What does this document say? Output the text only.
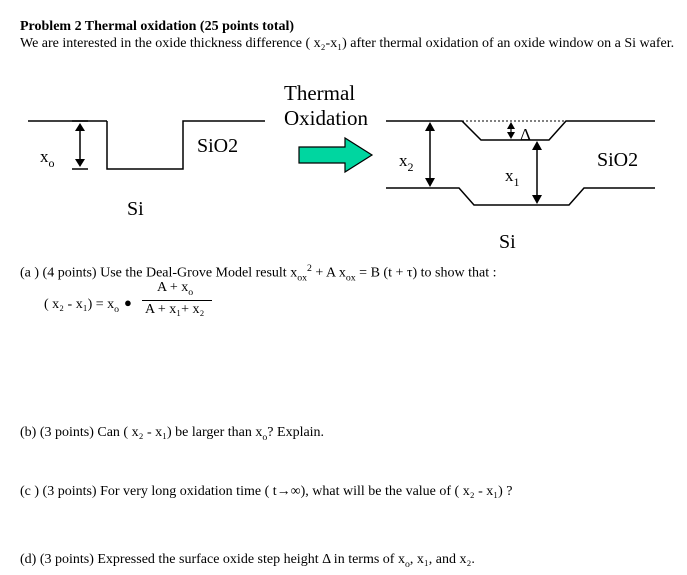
Problem 2 Thermal oxidation (25 points total)
We are interested in the oxide thickness difference ( x₂-x₁) after thermal oxidation of an oxide window on a Si wafer.
$x_o$
SiO2
Si
Thermal
Oxidation
Δ
$x_2$	$x_1$
SiO2
Si
(a ) (4 points) Use the Deal-Grove Model result $x_{ox}^2 + A$ $x_{ox} = B$ (t + τ) to show that :
( $x_2 - x_1) = x_o$ ●
$A + x_o$
A + x₁+ x₂
(b) (3 points) Can ( x₂ - x₁) be larger than $x_o$? Explain.
(c ) (3 points) For very long oxidation time ( t→∞), what will be the value of ( x₂ - x₁) ?
(d) (3 points) Expressed the surface oxide step height Δ in terms of $x_o$, x₁, and x₂.
